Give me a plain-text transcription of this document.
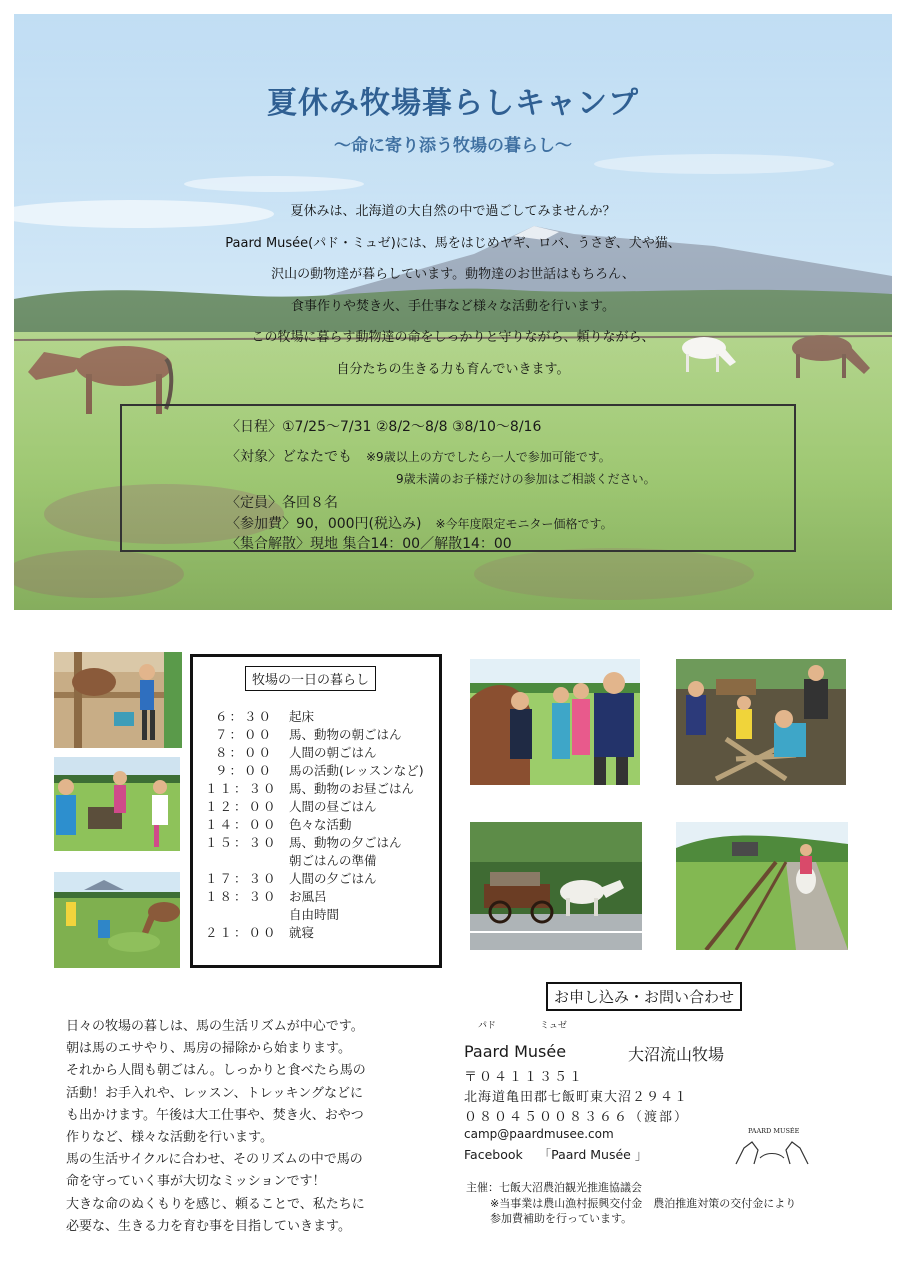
夏休み牧場暮らしキャンプ
～命に寄り添う牧場の暮らし～
夏休みは、北海道の大自然の中で過ごしてみませんか？
Paard Musée(パド・ミュゼ)には、馬をはじめヤギ、ロバ、うさぎ、犬や猫、
沢山の動物達が暮らしています。動物達のお世話はもちろん、
食事作りや焚き火、手仕事など様々な活動を行います。
この牧場に暮らす動物達の命をしっかりと守りながら、頼りながら、
自分たちの生きる力も育んでいきます。
〈日程〉①7/25～7/31 ②8/2～8/8 ③8/10～8/16
〈対象〉どなたでも ※9歳以上の方でしたら一人で参加可能です。
9歳未満のお子様だけの参加はご相談ください。
〈定員〉各回８名
〈参加費〉90，000円(税込み) ※今年度限定モニター価格です。
〈集合解散〉現地 集合14：00／解散14：00
牧場の一日の暮らし
６：３０ 起床
７：００ 馬、動物の朝ごはん
８：００ 人間の朝ごはん
９：００ 馬の活動(レッスンなど)
１１：３０ 馬、動物のお昼ごはん
１２：００ 人間の昼ごはん
１４：００ 色々な活動
１５：３０ 馬、動物の夕ごはん
朝ごはんの準備
１７：３０ 人間の夕ごはん
１８：３０ お風呂
自由時間
２１：００ 就寝
日々の牧場の暮しは、馬の生活リズムが中心です。
朝は馬のエサやり、馬房の掃除から始まります。
それから人間も朝ごはん。しっかりと食べたら馬の
活動！お手入れや、レッスン、トレッキングなどに
も出かけます。午後は大工仕事や、焚き火、おやつ
作りなど、様々な活動を行います。
馬の生活サイクルに合わせ、そのリズムの中で馬の
命を守っていく事が大切なミッションです！
大きな命のぬくもりを感じ、頼ることで、私たちに
必要な、生きる力を育む事を目指していきます。
お申し込み・お問い合わせ
パド	ミュゼ
Paard Musée	大沼流山牧場
〒０４１１３５１
北海道亀田郡七飯町東大沼２９４１
０８０４５００８３６６（渡部）
camp@paardmusee.com
Facebook 「Paard Musée 」
PAARD MUSÉE
主催：七飯大沼農泊観光推進協議会
※当事業は農山漁村振興交付金　農泊推進対策の交付金により
参加費補助を行っています。
